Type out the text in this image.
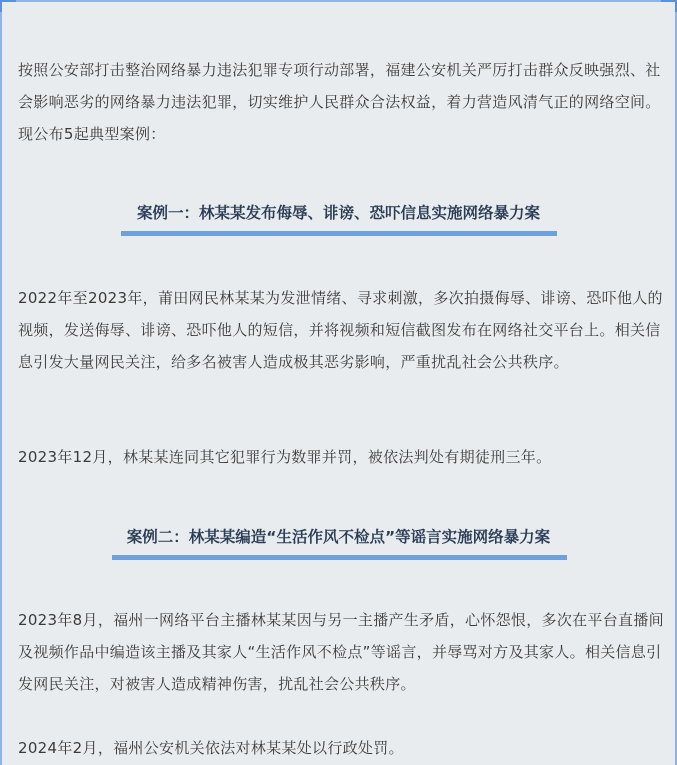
按照公安部打击整治网络暴力违法犯罪专项行动部署，福建公安机关严厉打击群众反映强烈、社会影响恶劣的网络暴力违法犯罪，切实维护人民群众合法权益，着力营造风清气正的网络空间。现公布5起典型案例：

案例一：林某某发布侮辱、诽谤、恐吓信息实施网络暴力案

2022年至2023年，莆田网民林某某为发泄情绪、寻求刺激，多次拍摄侮辱、诽谤、恐吓他人的视频，发送侮辱、诽谤、恐吓他人的短信，并将视频和短信截图发布在网络社交平台上。相关信息引发大量网民关注，给多名被害人造成极其恶劣影响，严重扰乱社会公共秩序。

2023年12月，林某某连同其它犯罪行为数罪并罚，被依法判处有期徒刑三年。

案例二：林某某编造“生活作风不检点”等谣言实施网络暴力案

2023年8月，福州一网络平台主播林某某因与另一主播产生矛盾，心怀怨恨，多次在平台直播间及视频作品中编造该主播及其家人“生活作风不检点”等谣言，并辱骂对方及其家人。相关信息引发网民关注，对被害人造成精神伤害，扰乱社会公共秩序。

2024年2月，福州公安机关依法对林某某处以行政处罚。
